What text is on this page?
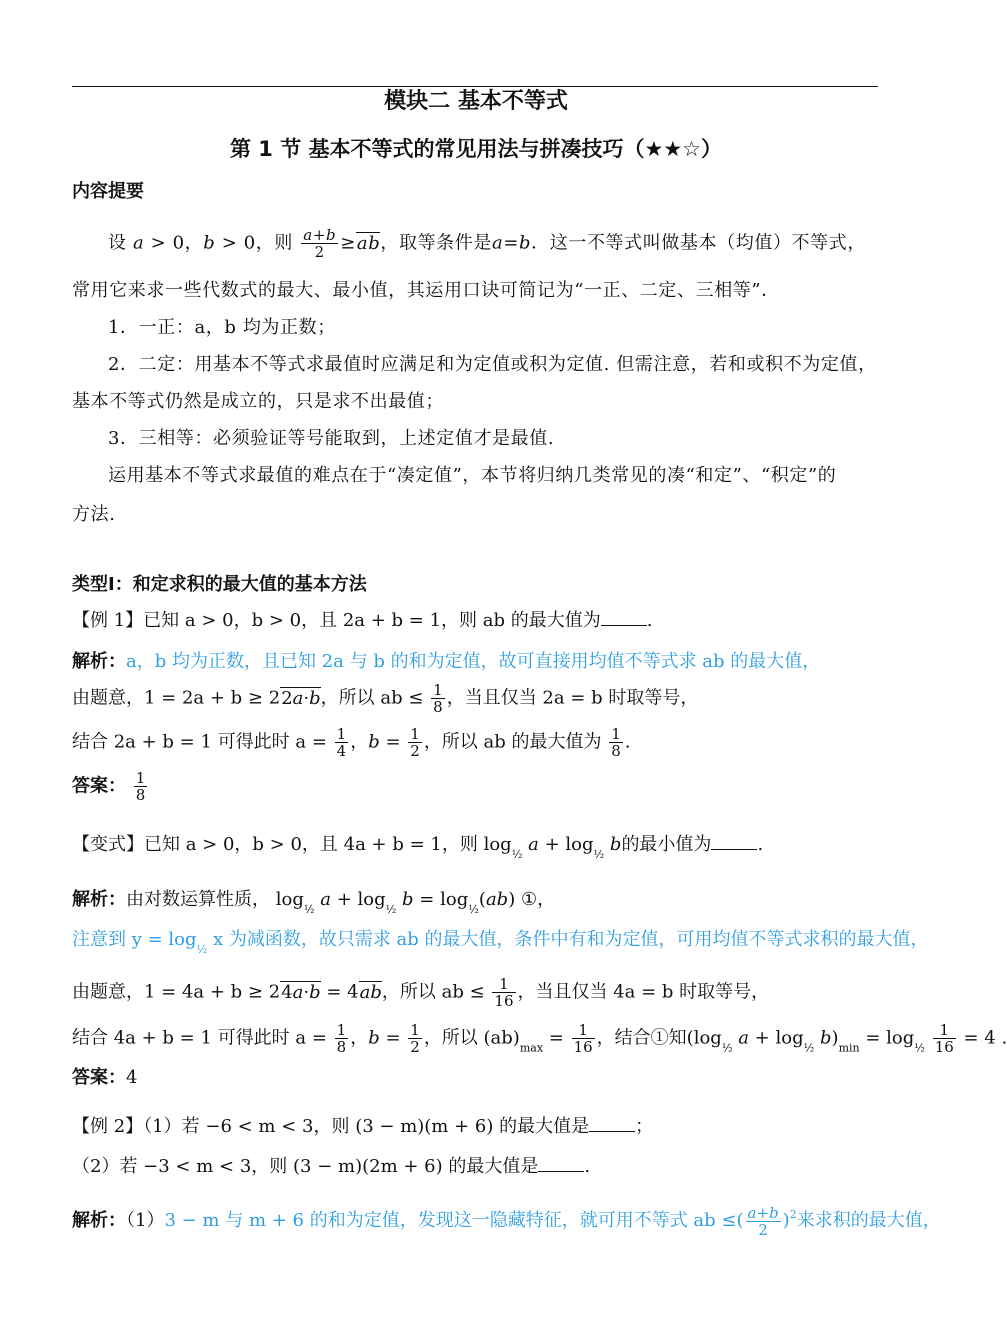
模块二 基本不等式
第 1 节 基本不等式的常见用法与拼凑技巧（★★☆）
内容提要
设 a > 0，b > 0，则 $\frac{a+b}{2} \ge ab$，取等条件是a=b．这一不等式叫做基本（均值）不等式，
常用它来求一些代数式的最大、最小值，其运用口诀可简记为“一正、二定、三相等”．
1．一正：a，b 均为正数；
2．二定：用基本不等式求最值时应满足和为定值或积为定值. 但需注意，若和或积不为定值，
基本不等式仍然是成立的，只是求不出最值；
3．三相等：必须验证等号能取到，上述定值才是最值.
运用基本不等式求最值的难点在于“凑定值”，本节将归纳几类常见的凑“和定”、“积定”的
方法.
类型Ⅰ：和定求积的最大值的基本方法
【例 1】已知 a > 0，b > 0，且 2a + b = 1，则 ab 的最大值为	.
解析：a，b 均为正数，且已知 2a 与 b 的和为定值，故可直接用均值不等式求 ab 的最大值，
由题意，1 = 2a + b ≥ 22a·b，所以 ab ≤ $\frac{1}{8}$ ，当且仅当 2a = b 时取等号，
结合 2a + b = 1 可得此时 $a = \frac{1}{4}$ ，$b = \frac{1}{2}$ ，所以 ab 的最大值为 $\frac{1}{8}$ .
答案： $\frac{1}{8}$
【变式】已知 a > 0，b > 0，且 4a + b = 1，则 $\log_{\frac{1}{2}} a + \log_{\frac{1}{2}} b$的最小值为	.
解析：由对数运算性质， $\log_{\frac{1}{2}} a + \log_{\frac{1}{2}} b = \log_{\frac{1}{2}}(ab)$ ①，
注意到 $y = \log_{\frac{1}{2}} x$ 为减函数，故只需求 ab 的最大值，条件中有和为定值，可用均值不等式求积的最大值，
由题意，1 = 4a + b ≥ 24a·b = 4ab，所以 ab ≤ $\frac{1}{16}$ ，当且仅当 4a = b 时取等号，
结合 4a + b = 1 可得此时 $a = \frac{1}{8}$ ，$b = \frac{1}{2}$ ，所以 $(ab)_{max} = \frac{1}{16}$ ，结合①知($\log_{\frac{1}{2}}$ $a + \log_{\frac{1}{2}} b)_{min} = \log_{\frac{1}{2}} \frac{1}{16} = 4$ .
答案：4
【例 2】（1）若 −6 < m < 3，则 (3 − m)(m + 6) 的最大值是	；
（2）若 −3 < m < 3，则 (3 − m)(2m + 6) 的最大值是	.
解析：（1）3 − m 与 m + 6 的和为定值，发现这一隐藏特征，就可用不等式 ab ≤( $\frac{a+b}{2} )^2$来求积的最大值，
